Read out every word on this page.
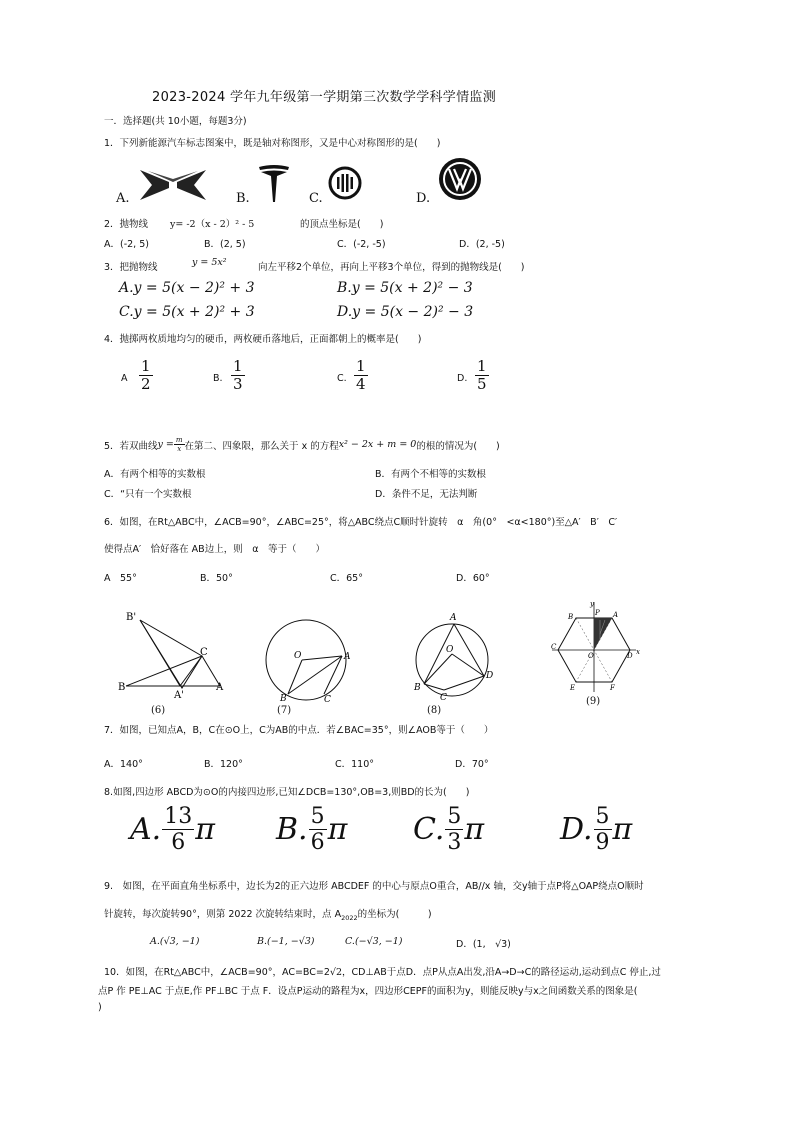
2023-2024 学年九年级第一学期第三次数学学科学情监测
一．选择题(共 10小题，每题3分)
1．下列新能源汽车标志图案中，既是轴对称图形，又是中心对称图形的是(　　)
A.	B.	C.	D.
2．抛物线 y= -2（x - 2）² - 5	的顶点坐标是(　　)
A．(-2, 5)	B．(2, 5)	C．(-2, -5)	D．(2, -5)
3．把抛物线	y = 5x²	向左平移2个单位，再向上平移3个单位，得到的抛物线是(　　)
A.y = 5(x − 2)² + 3	B.y = 5(x + 2)² − 3
C.y = 5(x + 2)² + 3	D.y = 5(x − 2)² − 3
4．抛掷两枚质地均匀的硬币，两枚硬币落地后，正面都朝上的概率是(　　)
A $\frac{1}{2}$	B. $\frac{1}{3}$	C. $\frac{1}{4}$	D. $\frac{1}{5}$
5．若双曲线 $y = \frac{m}{x}$ 在第二、四象限，那么关于 x 的方程 x² − 2x + m = 0 的根的情况为(　　)
A．有两个相等的实数根	B．有两个不相等的实数根
C．“只有一个实数根	D．条件不足，无法判断
6．如图，在Rt△ABC中，∠ACB=90°，∠ABC=25°，将△ABC绕点C顺时针旋转　α　角(0°　<α<180°)至△A′　B′　C′
使得点A′　恰好落在 AB边上，则　α　等于（　　）
A　55°	B．50°	C．65°	D．60°
B'
C
B
A'
A
(6)
O	A
B	C
(7)
A
O
B
C
D
(8)
B	P A
C
O	D
E	F
x
y
(9)
7．如图，已知点A，B，C在⊙O上，C为AB的中点．若∠BAC=35°，则∠AOB等于（　　）
A．140°	B．120°	C．110°	D．70°
8.如图,四边形 ABCD为⊙O的内接四边形,已知∠DCB=130°,OB=3,则BD的长为(　　)
A. $\frac{13}{6}$ π B. $\frac{5}{6}$ π C. $\frac{5}{3}$ π	D. $\frac{5}{9}$ π
9.　如图，在平面直角坐标系中，边长为2的正六边形 ABCDEF 的中心与原点O重合，AB//x 轴，交y轴于点P将△OAP绕点O顺时
针旋转，每次旋转90°，则第 2022 次旋转结束时，点 $A_{2022}$的坐标为(　　　)
A.(√3, −1)	B.(−1, −√3)	C.(−√3, −1)	D．(1,　√3)
10．如图，在Rt△ABC中，∠ACB=90°，AC=BC=2√2，CD⊥AB于点D．点P从点A出发,沿A→D→C的路径运动,运动到点C 停止,过
点P 作 PE⊥AC 于点E,作 PF⊥BC 于点 F．设点P运动的路程为x，四边形CEPF的面积为y，则能反映y与x之间函数关系的图象是(
)
